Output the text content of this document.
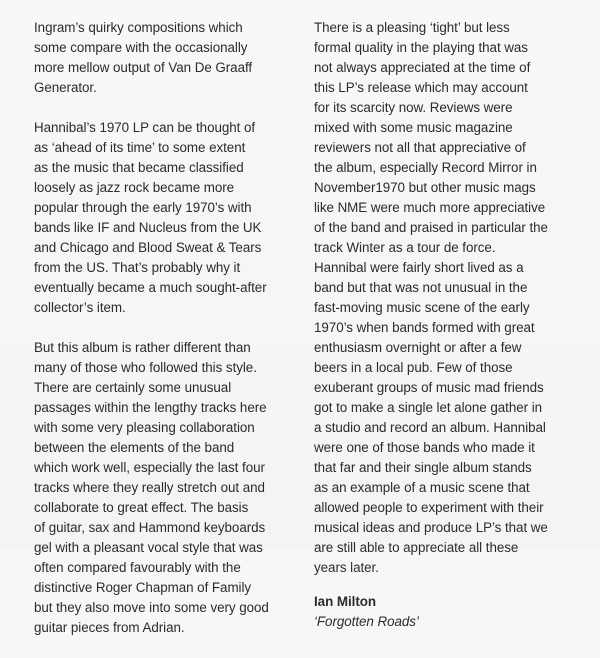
Ingram’s quirky compositions which
some compare with the occasionally
more mellow output of Van De Graaff
Generator.
Hannibal’s 1970 LP can be thought of
as ‘ahead of its time’ to some extent
as the music that became classified
loosely as jazz rock became more
popular through the early 1970’s with
bands like IF and Nucleus from the UK
and Chicago and Blood Sweat & Tears
from the US. That’s probably why it
eventually became a much sought-after
collector’s item.
But this album is rather different than
many of those who followed this style.
There are certainly some unusual
passages within the lengthy tracks here
with some very pleasing collaboration
between the elements of the band
which work well, especially the last four
tracks where they really stretch out and
collaborate to great effect. The basis
of guitar, sax and Hammond keyboards
gel with a pleasant vocal style that was
often compared favourably with the
distinctive Roger Chapman of Family
but they also move into some very good
guitar pieces from Adrian.
There is a pleasing ‘tight’ but less
formal quality in the playing that was
not always appreciated at the time of
this LP’s release which may account
for its scarcity now. Reviews were
mixed with some music magazine
reviewers not all that appreciative of
the album, especially Record Mirror in
November1970 but other music mags
like NME were much more appreciative
of the band and praised in particular the
track Winter as a tour de force.
Hannibal were fairly short lived as a
band but that was not unusual in the
fast-moving music scene of the early
1970’s when bands formed with great
enthusiasm overnight or after a few
beers in a local pub. Few of those
exuberant groups of music mad friends
got to make a single let alone gather in
a studio and record an album. Hannibal
were one of those bands who made it
that far and their single album stands
as an example of a music scene that
allowed people to experiment with their
musical ideas and produce LP’s that we
are still able to appreciate all these
years later.
Ian Milton
‘Forgotten Roads’
